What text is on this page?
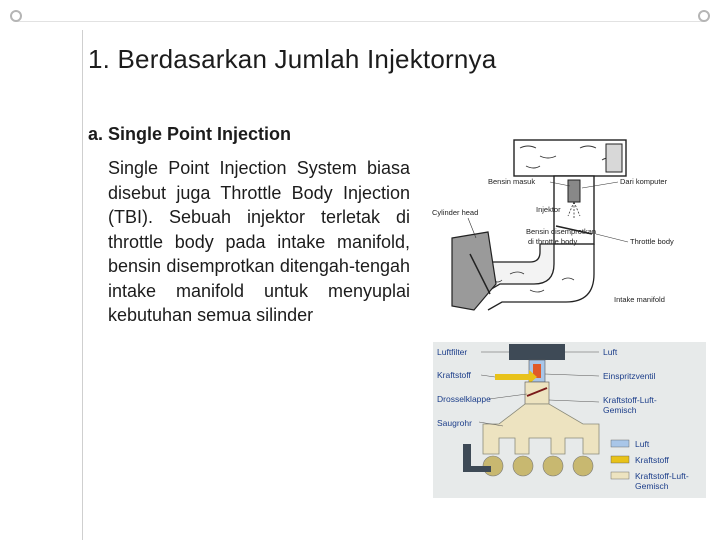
1. Berdasarkan Jumlah Injektornya
a. Single Point Injection
Single Point Injection System biasa disebut juga Throttle Body Injection (TBI). Sebuah injektor terletak di throttle body pada intake manifold, bensin disemprotkan ditengah-tengah intake manifold untuk menyuplai kebutuhan semua silinder
Bensin masuk
Cylinder head	Injektor
Dari komputer
Bensin disemprotkan
di throttle body	Throttle body
Intake manifold
Luftfilter
Kraftstoff
Drosselklappe
Saugrohr
Luft
Einspritzventil
Kraftstoff-Luft-
Gemisch
Luft
Kraftstoff
Kraftstoff-Luft-
Gemisch
